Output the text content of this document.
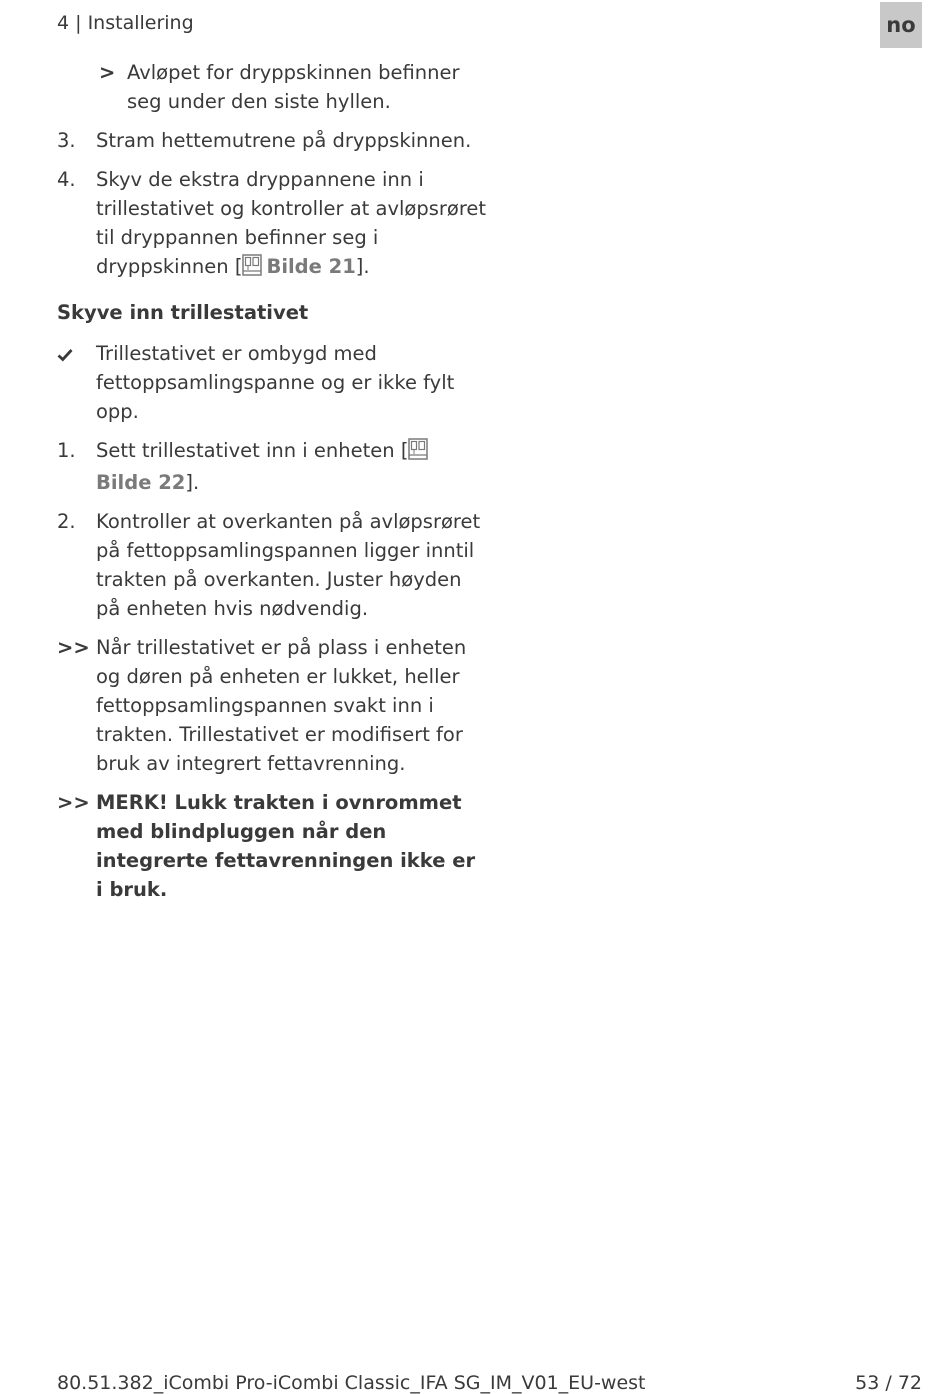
4 | Installering	no
> Avløpet for dryppskinnen befinner seg under den siste hyllen.
3.	Stram hettemutrene på dryppskinnen.
4.	Skyv de ekstra dryppannene inn i trillestativet og kontroller at avløpsrøret til dryppannen befinner seg i dryppskinnen [ Bilde 21].
Skyve inn trillestativet
Trillestativet er ombygd med fettoppsamlingspanne og er ikke fylt opp.
1.	Sett trillestativet inn i enheten [Bilde 22].
2.	Kontroller at overkanten på avløpsrøret på fettoppsamlingspannen ligger inntil trakten på overkanten. Juster høyden på enheten hvis nødvendig.
>> Når trillestativet er på plass i enheten og døren på enheten er lukket, heller fettoppsamlingspannen svakt inn i trakten. Trillestativet er modifisert for bruk av integrert fettavrenning.
>> MERK! Lukk trakten i ovnrommet med blindpluggen når den integrerte fettavrenningen ikke er i bruk.
80.51.382_iCombi Pro-iCombi Classic_IFA SG_IM_V01_EU-west	53 / 72
